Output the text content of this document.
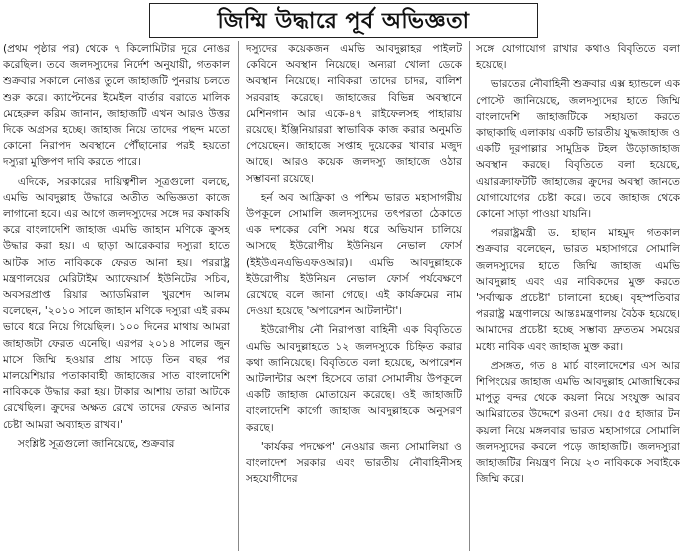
জিম্মি উদ্ধারে পূর্ব অভিজ্ঞতা

(প্রথম পৃষ্ঠার পর) থেকে ৭ কিলোমিটার দূরে নোঙর করেছিল। তবে জলদস্যুদের নির্দেশ অনুযায়ী, গতকাল শুক্রবার সকালে নোঙর তুলে জাহাজটি পুনরায় চলতে শুরু করে। ক্যাপ্টেনের ইমেইল বার্তার বরাতে মালিক মেহেরুল করিম জানান, জাহাজটি এখন আরও উত্তর দিকে অগ্রসর হচ্ছে। জাহাজ নিয়ে তাদের পছন্দ মতো কোনো নিরাপদ অবস্থানে পৌঁছানোর পরই হয়তো দস্যুরা মুক্তিপণ দাবি করতে পারে।

এদিকে, সরকারের দায়িত্বশীল সূত্রগুলো বলছে, এমভি আবদুল্লাহ উদ্ধারে অতীত অভিজ্ঞতা কাজে লাগানো হবে। এর আগে জলদস্যুদের সঙ্গে দর কষাকষি করে বাংলাদেশি জাহাজ এমভি জাহান মণিকে ক্রুসহ উদ্ধার করা হয়। এ ছাড়া আরেকবার দস্যুরা হাতে আটক সাত নাবিককে ফেরত আনা হয়। পররাষ্ট্র মন্ত্রণালয়ের মেরিটাইম অ্যাফেয়ার্স ইউনিটের সচিব, অবসরপ্রাপ্ত রিয়ার অ্যাডমিরাল খুরশেদ আলম বলেছেন, '২০১০ সালে জাহান মণিকে দস্যুরা এই রকম ভাবে ধরে নিয়ে গিয়েছিল। ১০০ দিনের মাথায় আমরা জাহাজটা ফেরত এনেছি। এরপর ২০১৪ সালের জুন মাসে জিম্মি হওয়ার প্রায় সাড়ে তিন বছর পর মালয়েশিয়ার পতাকাবাহী জাহাজের সাত বাংলাদেশি নাবিককে উদ্ধার করা হয়। টাকার আশায় তারা আটকে রেখেছিল। ক্রুদের অক্ষত রেখে তাদের ফেরত আনার চেষ্টা আমরা অব্যাহত রাখব।'

সংশ্লিষ্ট সূত্রগুলো জানিয়েছে, শুক্রবার

দস্যুদের কয়েকজন এমভি আবদুল্লাহর পাইলট কেবিনে অবস্থান নিয়েছে। অন্যরা খোলা ডেকে অবস্থান নিয়েছে। নাবিকরা তাদের চাদর, বালিশ সরবরাহ করেছে। জাহাজের বিভিন্ন অবস্থানে মেশিনগান আর একে-৪৭ রাইফেলসহ পাহারায় রয়েছে। ইঞ্জিনিয়াররা স্বাভাবিক কাজ করার অনুমতি পেয়েছেন। জাহাজে সপ্তাহ দুয়েকের খাবার মজুদ আছে। আরও কয়েক জলদস্যু জাহাজে ওঠার সম্ভাবনা রয়েছে।

হর্ন অব আফ্রিকা ও পশ্চিম ভারত মহাসাগরীয় উপকূলে সোমালি জলদস্যুদের তৎপরতা ঠেকাতে এক দশকের বেশি সময় ধরে অভিযান চালিয়ে আসছে ইউরোপীয় ইউনিয়ন নেভাল ফোর্স (ইইউএনএভিএফওআর)। এমভি আবদুল্লাহকে ইউরোপীয় ইউনিয়ন নেভাল ফোর্স পর্যবেক্ষণে রেখেছে বলে জানা গেছে। এই কার্যক্রমের নাম দেওয়া হয়েছে 'অপারেশন আটলান্টা'।

ইউরোপীয় নৌ নিরাপত্তা বাহিনী এক বিবৃতিতে এমভি আবদুল্লাহতে ১২ জলদস্যুকে চিহ্নিত করার কথা জানিয়েছে। বিবৃতিতে বলা হয়েছে, অপারেশন আটলান্টার অংশ হিসেবে তারা সোমালীয় উপকূলে একটি জাহাজ মোতায়েন করেছে। ওই জাহাজটি বাংলাদেশি কার্গো জাহাজ আবদুল্লাহকে অনুসরণ করছে।

'কার্যকর পদক্ষেপ' নেওয়ার জন্য সোমালিয়া ও বাংলাদেশ সরকার এবং ভারতীয় নৌবাহিনীসহ সহযোগীদের

সঙ্গে যোগাযোগ রাখার কথাও বিবৃতিতে বলা হয়েছে।

ভারতের নৌবাহিনী শুক্রবার এক্স হ্যান্ডলে এক পোস্টে জানিয়েছে, জলদস্যুদের হাতে জিম্মি বাংলাদেশি জাহাজটিকে সহায়তা করতে কাছাকাছি এলাকায় একটি ভারতীয় যুদ্ধজাহাজ ও একটি দূরপাল্লার সামুদ্রিক টহল উড়োজাহাজ অবস্থান করছে। বিবৃতিতে বলা হয়েছে, এয়ারক্র্যাফটটি জাহাজের ক্রুদের অবস্থা জানতে যোগাযোগের চেষ্টা করে। তবে জাহাজ থেকে কোনো সাড়া পাওয়া যায়নি।

পররাষ্ট্রমন্ত্রী ড. হাছান মাহমুদ গতকাল শুক্রবার বলেছেন, ভারত মহাসাগরে সোমালি জলদস্যুদের হাতে জিম্মি জাহাজ এমভি আবদুল্লাহ এবং এর নাবিকদের মুক্ত করতে 'সর্বাত্মক প্রচেষ্টা' চালানো হচ্ছে। বৃহস্পতিবার পররাষ্ট্র মন্ত্রণালয়ে আন্তঃমন্ত্রণালয় বৈঠক হয়েছে। আমাদের প্রচেষ্টা হচ্ছে সম্ভাব্য দ্রুততম সময়ের মধ্যে নাবিক এবং জাহাজ মুক্ত করা।

প্রসঙ্গত, গত ৪ মার্চ বাংলাদেশের এস আর শিপিংয়ের জাহাজ এমভি আবদুল্লাহ মোজাম্বিকের মাপুতু বন্দর থেকে কয়লা নিয়ে সংযুক্ত আরব আমিরাতের উদ্দেশে রওনা দেয়। ৫৫ হাজার টন কয়লা নিয়ে মঙ্গলবার ভারত মহাসাগরে সোমালি জলদস্যুদের কবলে পড়ে জাহাজটি। জলদস্যুরা জাহাজটির নিয়ন্ত্রণ নিয়ে ২৩ নাবিককে সবাইকে জিম্মি করে।
